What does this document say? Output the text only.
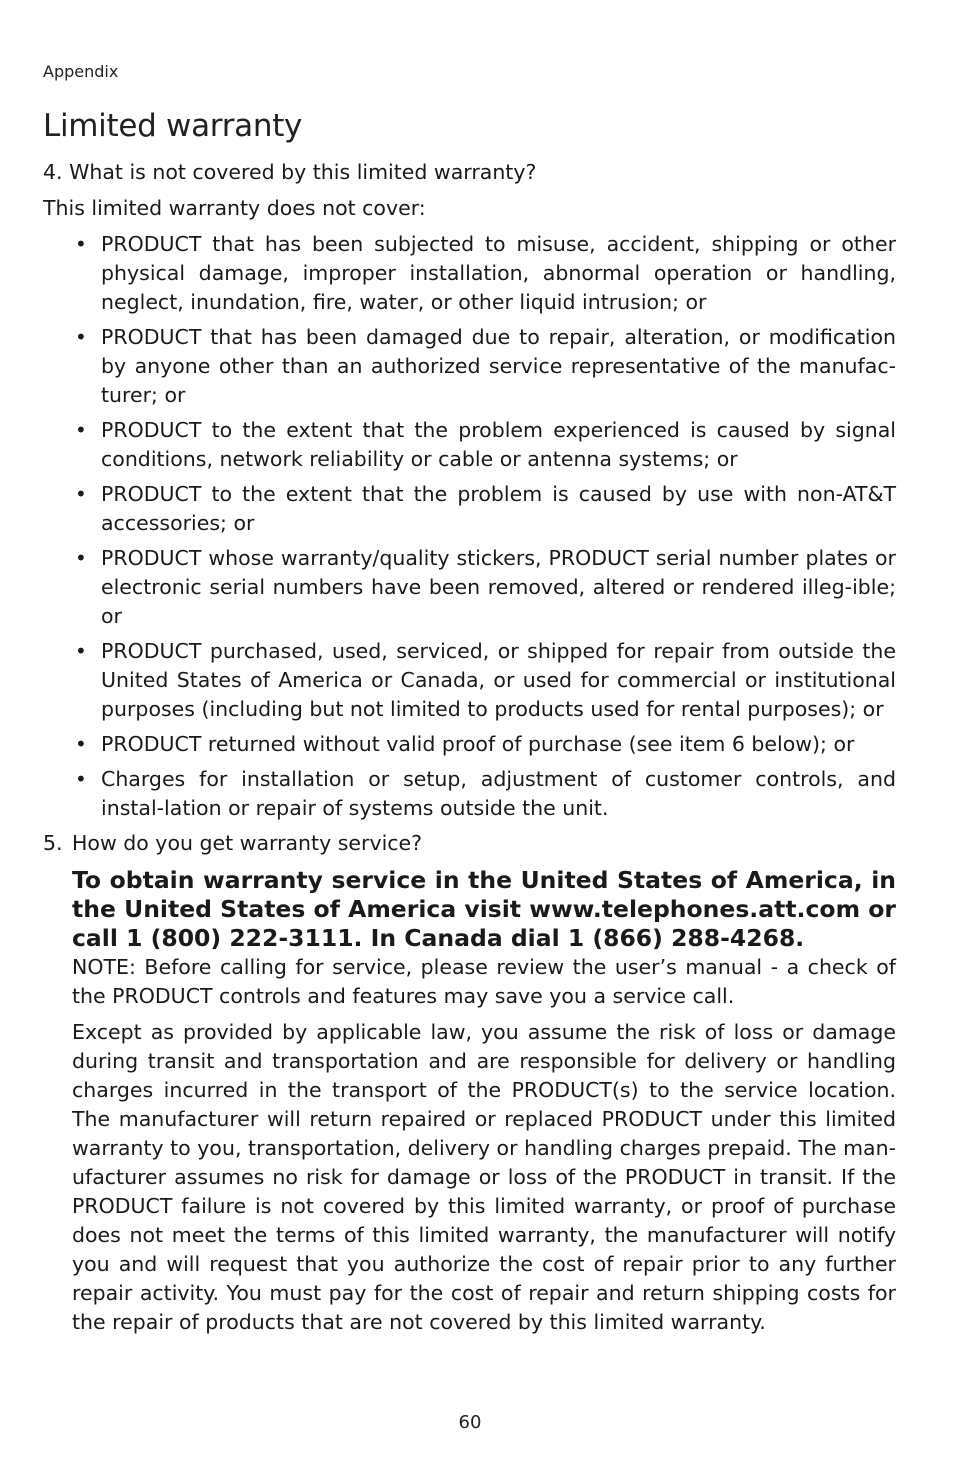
Appendix
Limited warranty

4. What is not covered by this limited warranty?

This limited warranty does not cover:

• PRODUCT that has been subjected to misuse, accident, shipping or other physical damage, improper installation, abnormal operation or handling, neglect, inundation, fire, water, or other liquid intrusion; or
• PRODUCT that has been damaged due to repair, alteration, or modification by anyone other than an authorized service representative of the manufac-turer; or
• PRODUCT to the extent that the problem experienced is caused by signal conditions, network reliability or cable or antenna systems; or
• PRODUCT to the extent that the problem is caused by use with non-AT&T accessories; or
• PRODUCT whose warranty/quality stickers, PRODUCT serial number plates or electronic serial numbers have been removed, altered or rendered illeg-ible; or
• PRODUCT purchased, used, serviced, or shipped for repair from outside the United States of America or Canada, or used for commercial or institutional purposes (including but not limited to products used for rental purposes); or
• PRODUCT returned without valid proof of purchase (see item 6 below); or
• Charges for installation or setup, adjustment of customer controls, and instal-lation or repair of systems outside the unit.
5. How do you get warranty service?

To obtain warranty service in the United States of America, in the United States of America visit www.telephones.att.com or call 1 (800) 222-3111. In Canada dial 1 (866) 288-4268.

NOTE: Before calling for service, please review the user’s manual - a check of the PRODUCT controls and features may save you a service call.

Except as provided by applicable law, you assume the risk of loss or damage during transit and transportation and are responsible for delivery or handling charges incurred in the transport of the PRODUCT(s) to the service location. The manufacturer will return repaired or replaced PRODUCT under this limited warranty to you, transportation, delivery or handling charges prepaid. The man-ufacturer assumes no risk for damage or loss of the PRODUCT in transit. If the PRODUCT failure is not covered by this limited warranty, or proof of purchase does not meet the terms of this limited warranty, the manufacturer will notify you and will request that you authorize the cost of repair prior to any further repair activity. You must pay for the cost of repair and return shipping costs for the repair of products that are not covered by this limited warranty.

60
